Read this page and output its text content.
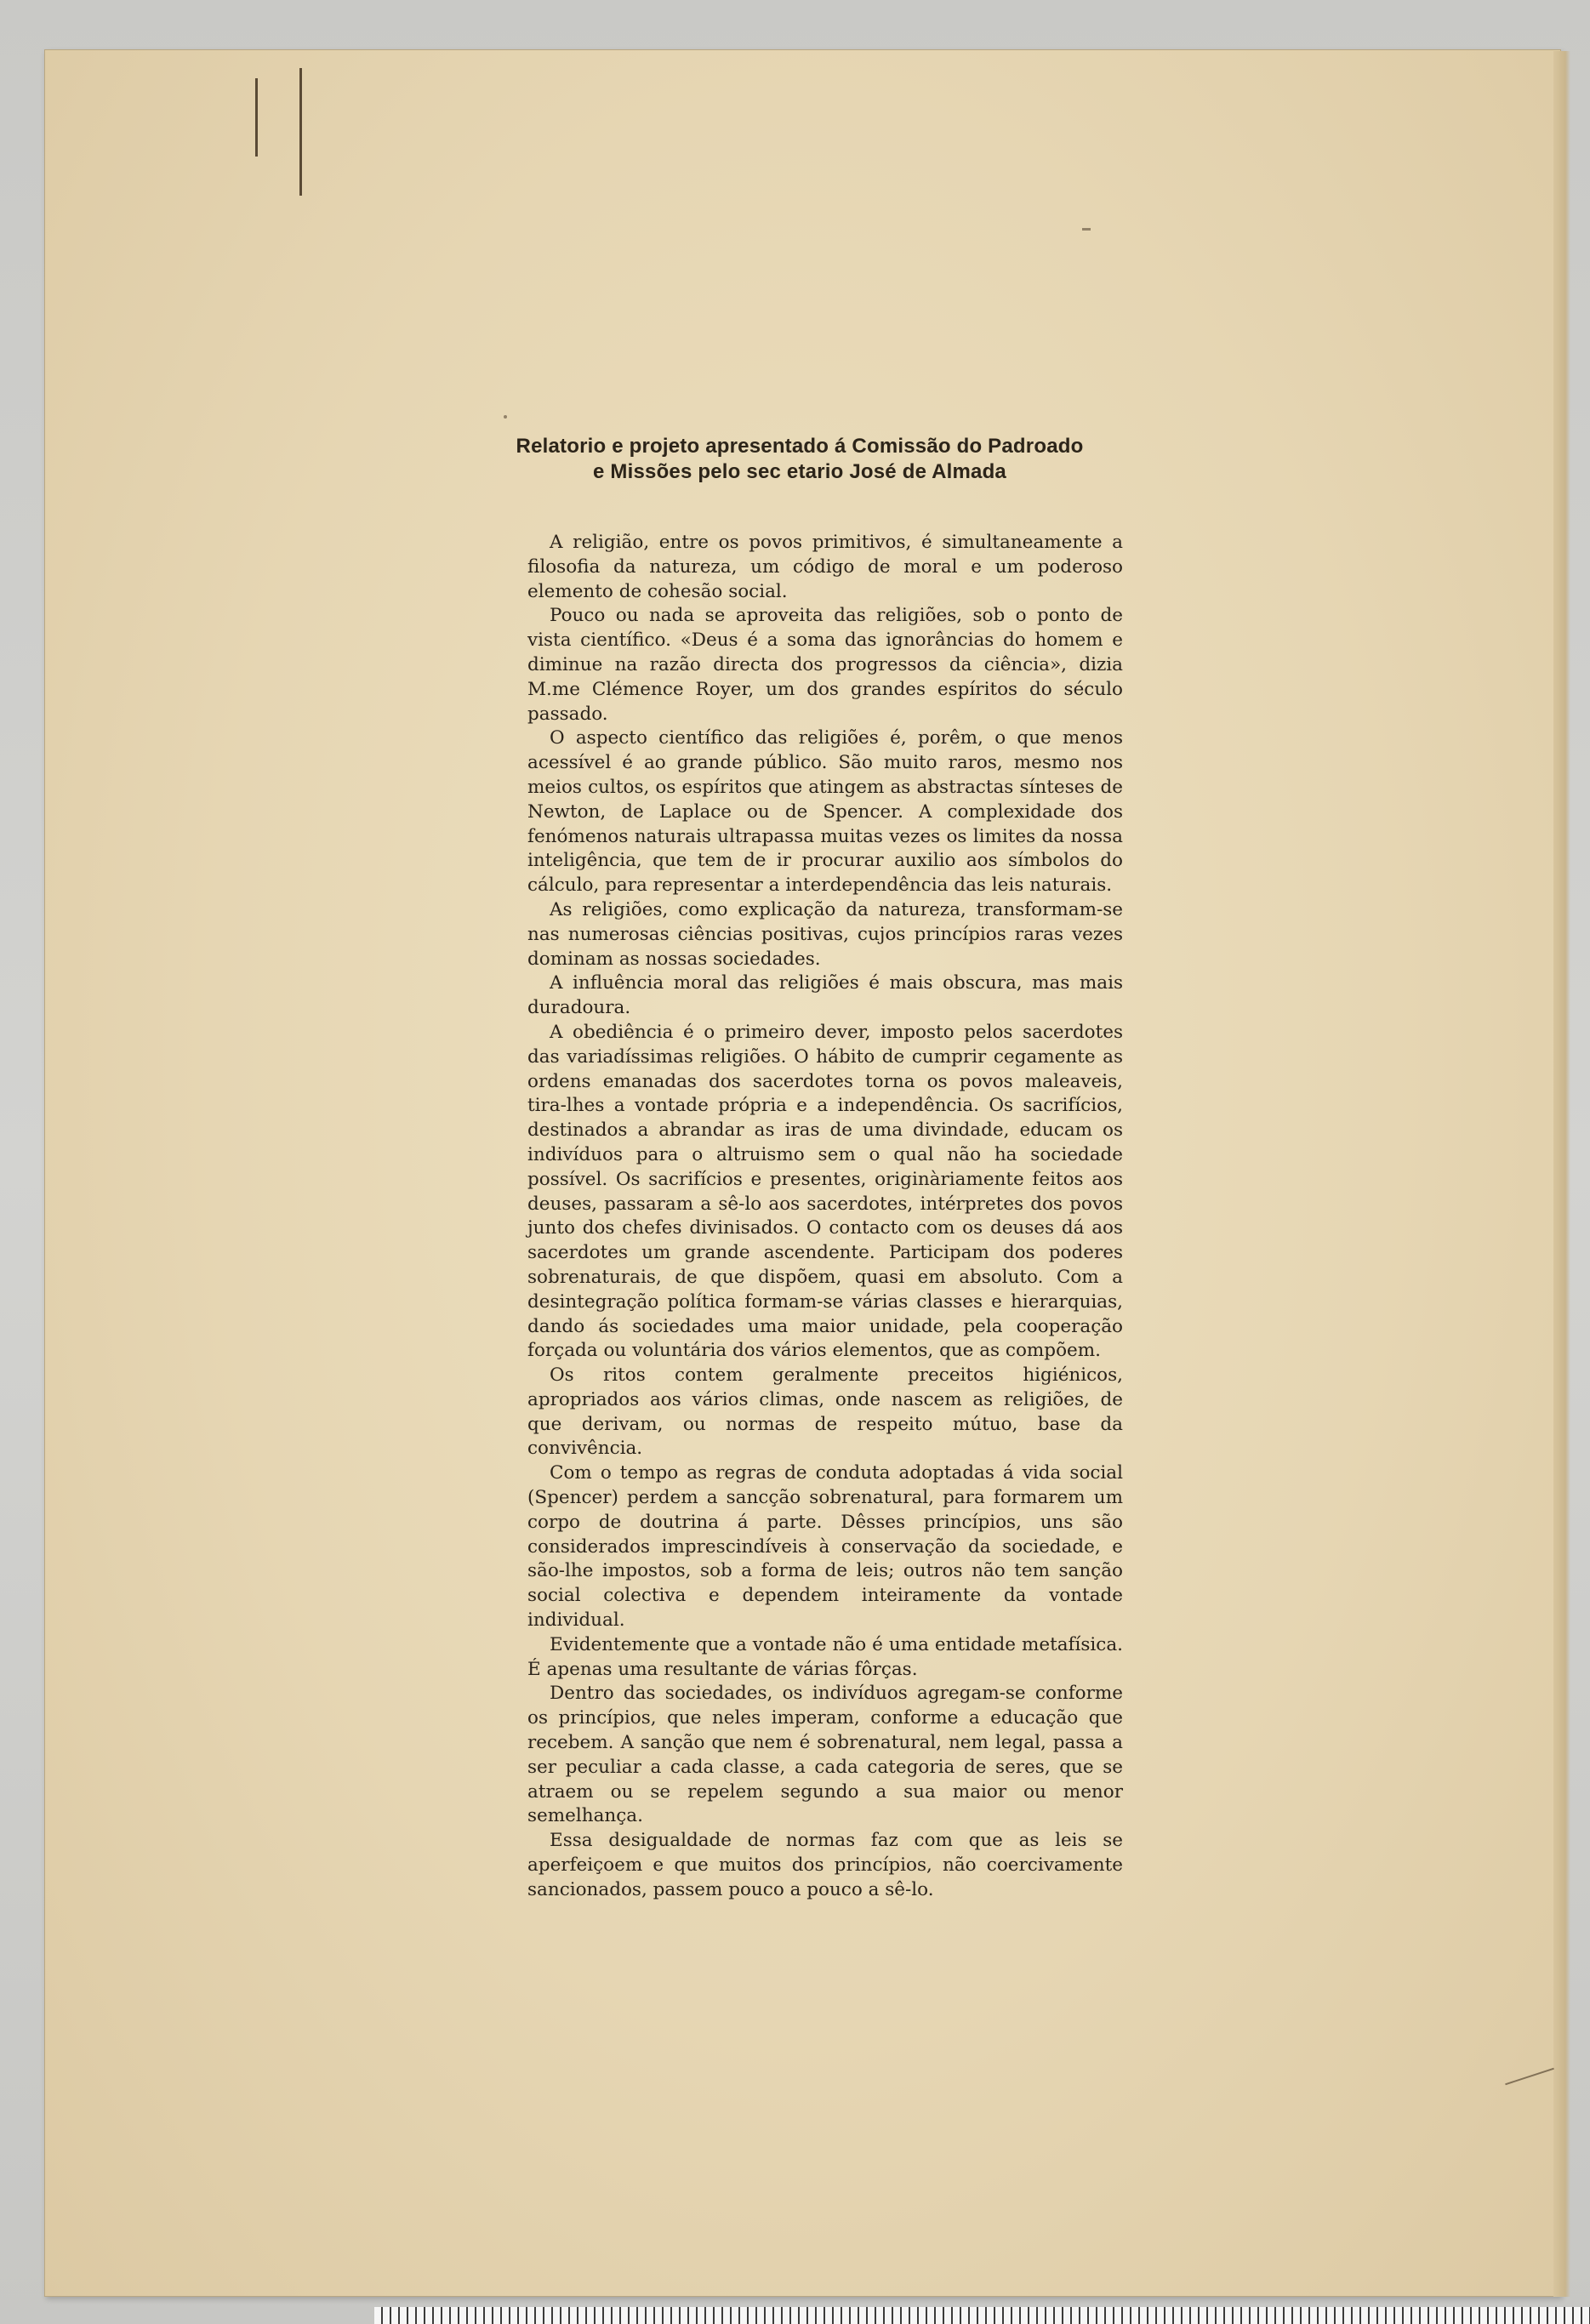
Relatorio e projeto apresentado á Comissão do Padroado
e Missões pelo sec etario José de Almada

A religião, entre os povos primitivos, é simultaneamente a filosofia da natureza, um código de moral e um poderoso elemento de cohesão social.

Pouco ou nada se aproveita das religiões, sob o ponto de vista científico. «Deus é a soma das ignorâncias do homem e diminue na razão directa dos progressos da ciência», dizia M.me Clémence Royer, um dos grandes espíritos do século passado.

O aspecto científico das religiões é, porêm, o que menos acessível é ao grande público. São muito raros, mesmo nos meios cultos, os espíritos que atingem as abstractas sínteses de Newton, de Laplace ou de Spencer. A complexidade dos fenómenos naturais ultrapassa muitas vezes os limites da nossa inteligência, que tem de ir procurar auxilio aos símbolos do cálculo, para representar a interdependência das leis naturais.

As religiões, como explicação da natureza, transformam-se nas numerosas ciências positivas, cujos princípios raras vezes dominam as nossas sociedades.

A influência moral das religiões é mais obscura, mas mais duradoura.

A obediência é o primeiro dever, imposto pelos sacerdotes das variadíssimas religiões. O hábito de cumprir cegamente as ordens emanadas dos sacerdotes torna os povos maleaveis, tira-lhes a vontade própria e a independência. Os sacrifícios, destinados a abrandar as iras de uma divindade, educam os indivíduos para o altruismo sem o qual não ha sociedade possível. Os sacrifícios e presentes, originàriamente feitos aos deuses, passaram a sê-lo aos sacerdotes, intérpretes dos povos junto dos chefes divinisados. O contacto com os deuses dá aos sacerdotes um grande ascendente. Participam dos poderes sobrenaturais, de que dispõem, quasi em absoluto. Com a desintegração política formam-se várias classes e hierarquias, dando ás sociedades uma maior unidade, pela cooperação forçada ou voluntária dos vários elementos, que as compõem.

Os ritos contem geralmente preceitos higiénicos, apropriados aos vários climas, onde nascem as religiões, de que derivam, ou normas de respeito mútuo, base da convivência.

Com o tempo as regras de conduta adoptadas á vida social (Spencer) perdem a sancção sobrenatural, para formarem um corpo de doutrina á parte. Dêsses princípios, uns são considerados imprescindíveis à conservação da sociedade, e são-lhe impostos, sob a forma de leis; outros não tem sanção social colectiva e dependem inteiramente da vontade individual.

Evidentemente que a vontade não é uma entidade metafísica. É apenas uma resultante de várias fôrças.

Dentro das sociedades, os indivíduos agregam-se conforme os princípios, que neles imperam, conforme a educação que recebem. A sanção que nem é sobrenatural, nem legal, passa a ser peculiar a cada classe, a cada categoria de seres, que se atraem ou se repelem segundo a sua maior ou menor semelhança.

Essa desigualdade de normas faz com que as leis se aperfeiçoem e que muitos dos princípios, não coercivamente sancionados, passem pouco a pouco a sê-lo.
